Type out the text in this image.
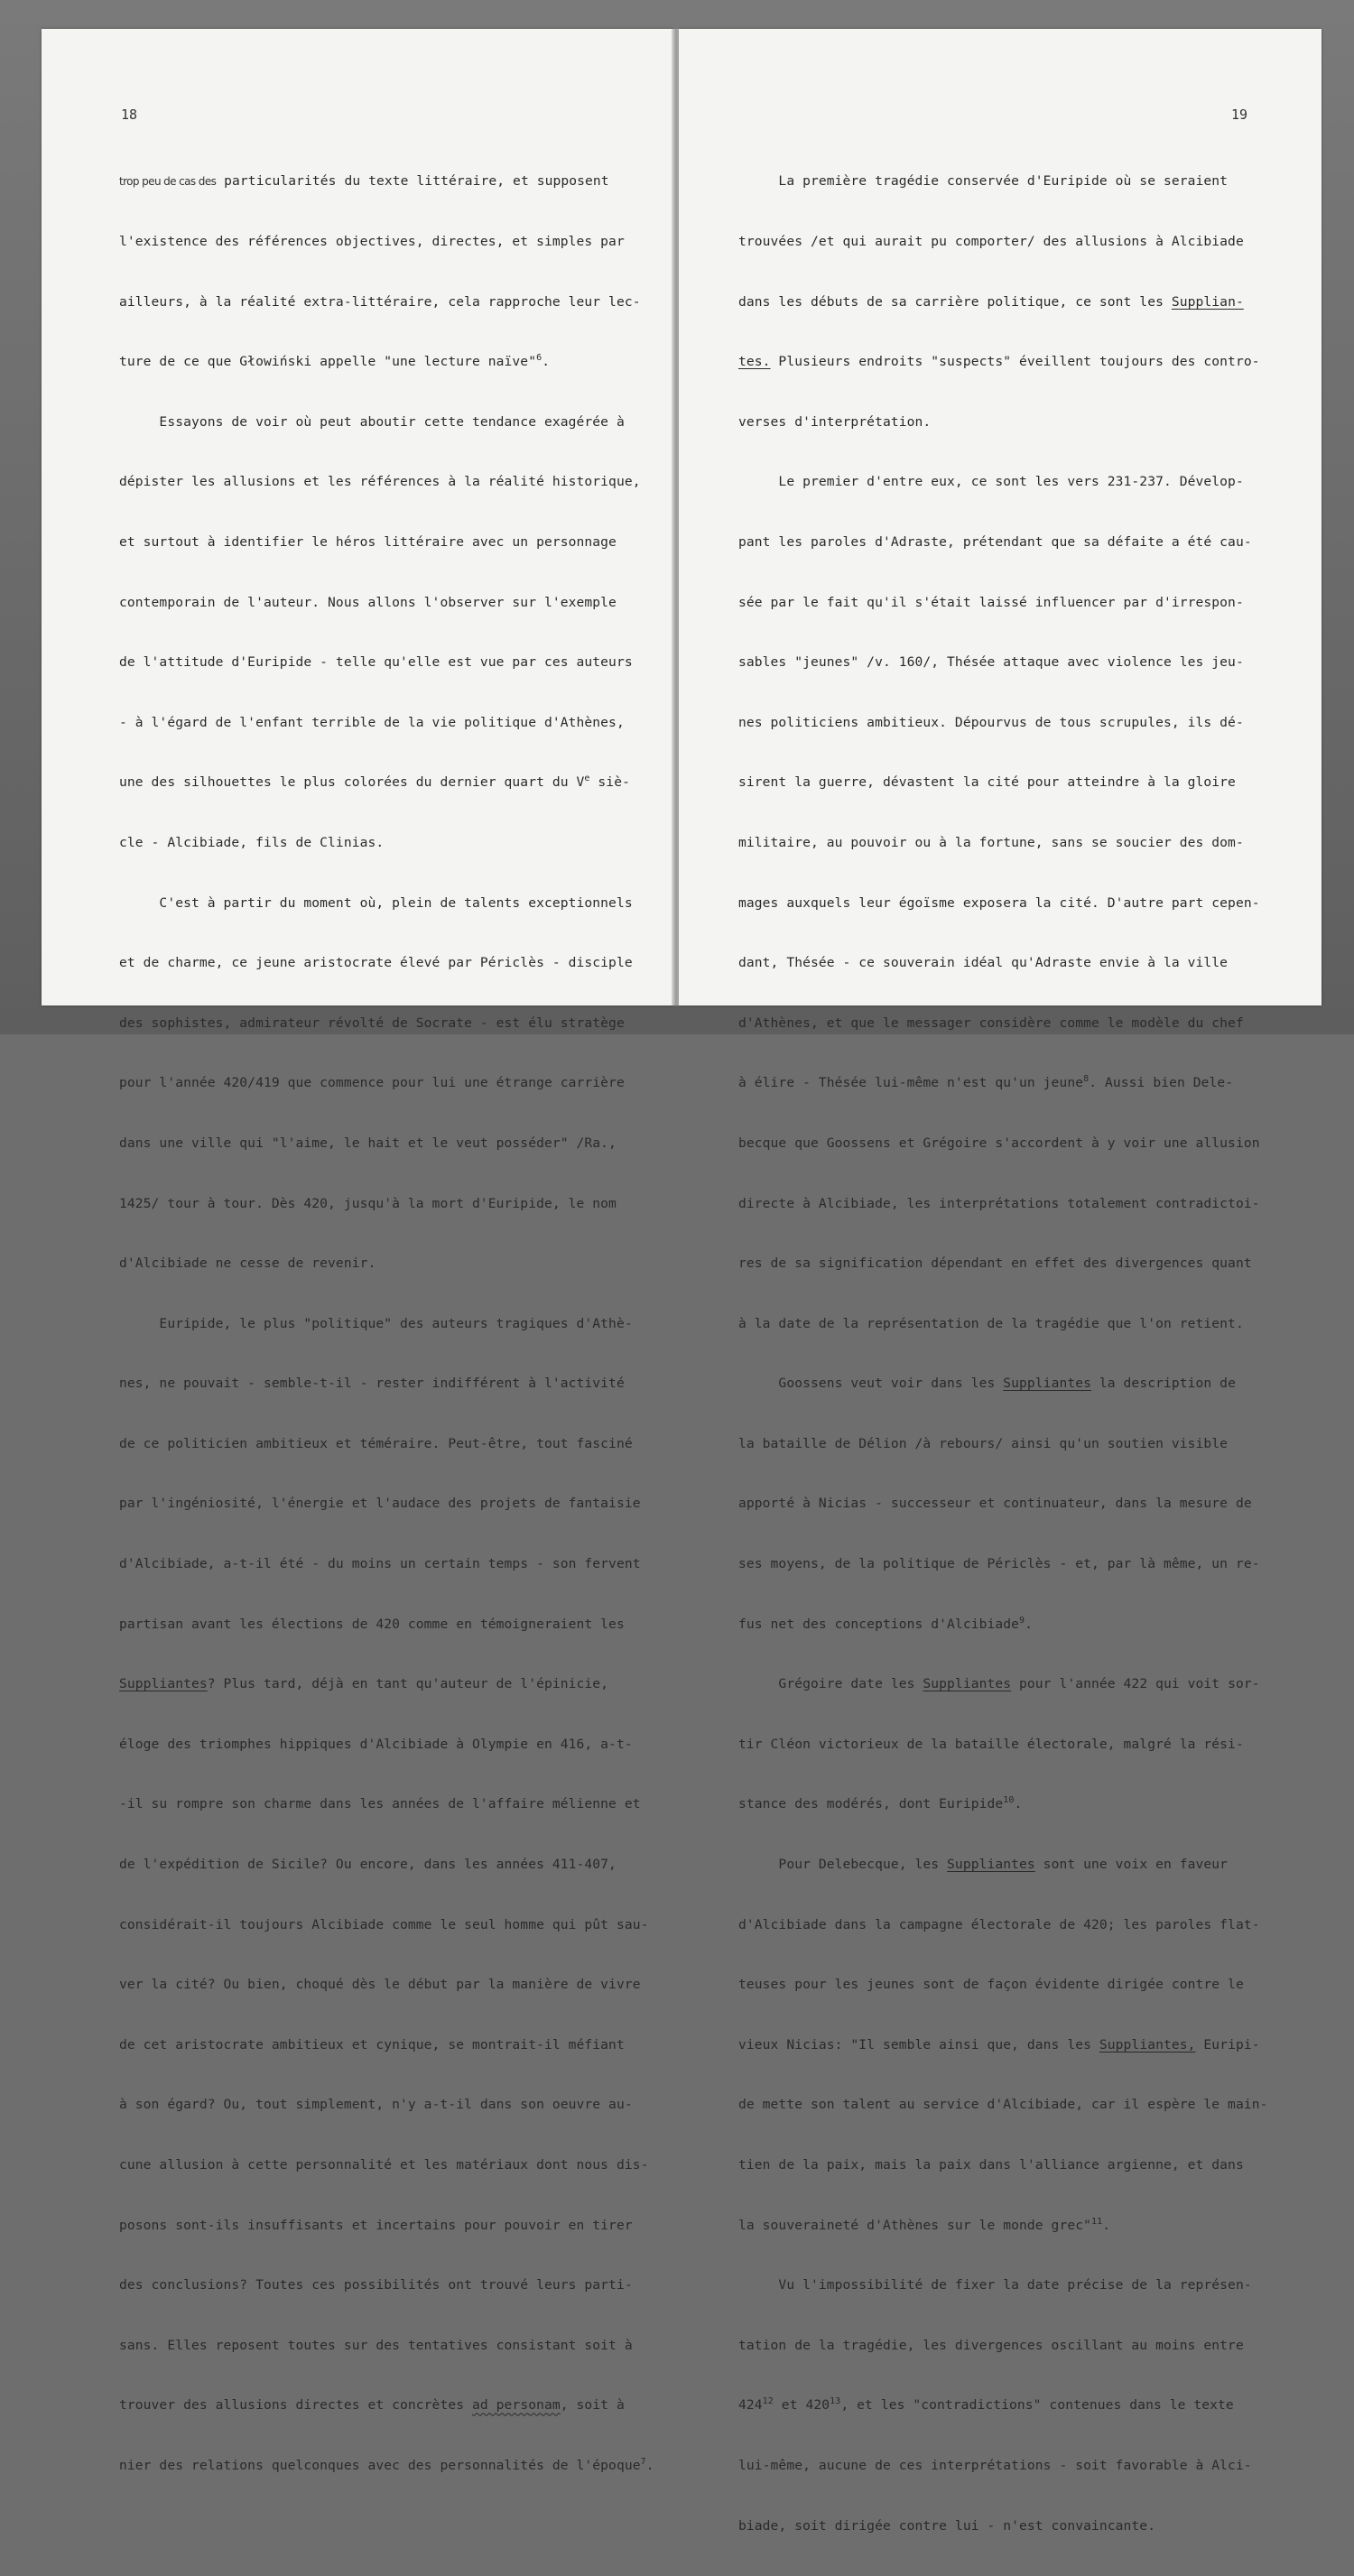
18

trop peu de cas des particularités du texte littéraire, et supposent

l'existence des références objectives, directes, et simples par

ailleurs, à la réalité extra-littéraire, cela rapproche leur lec-

ture de ce que Głowiński appelle "une lecture naïve"$^6$.

Essayons de voir où peut aboutir cette tendance exagérée à

dépister les allusions et les références à la réalité historique,

et surtout à identifier le héros littéraire avec un personnage

contemporain de l'auteur. Nous allons l'observer sur l'exemple

de l'attitude d'Euripide - telle qu'elle est vue par ces auteurs

- à l'égard de l'enfant terrible de la vie politique d'Athènes,

une des silhouettes le plus colorées du dernier quart du Ve siè-

cle - Alcibiade, fils de Clinias.

C'est à partir du moment où, plein de talents exceptionnels

et de charme, ce jeune aristocrate élevé par Périclès - disciple

des sophistes, admirateur révolté de Socrate - est élu stratège

pour l'année 420/419 que commence pour lui une étrange carrière

dans une ville qui "l'aime, le hait et le veut posséder" /Ra.,

1425/ tour à tour. Dès 420, jusqu'à la mort d'Euripide, le nom

d'Alcibiade ne cesse de revenir.

Euripide, le plus "politique" des auteurs tragiques d'Athè-

nes, ne pouvait - semble-t-il - rester indifférent à l'activité

de ce politicien ambitieux et téméraire. Peut-être, tout fasciné

par l'ingéniosité, l'énergie et l'audace des projets de fantaisie

d'Alcibiade, a-t-il été - du moins un certain temps - son fervent

partisan avant les élections de 420 comme en témoigneraient les

Suppliantes? Plus tard, déjà en tant qu'auteur de l'épinicie,

éloge des triomphes hippiques d'Alcibiade à Olympie en 416, a-t-

-il su rompre son charme dans les années de l'affaire mélienne et

de l'expédition de Sicile? Ou encore, dans les années 411-407,

considérait-il toujours Alcibiade comme le seul homme qui pût sau-

ver la cité? Ou bien, choqué dès le début par la manière de vivre

de cet aristocrate ambitieux et cynique, se montrait-il méfiant

à son égard? Ou, tout simplement, n'y a-t-il dans son oeuvre au-

cune allusion à cette personnalité et les matériaux dont nous dis-

posons sont-ils insuffisants et incertains pour pouvoir en tirer

des conclusions? Toutes ces possibilités ont trouvé leurs parti-

sans. Elles reposent toutes sur des tentatives consistant soit à

trouver des allusions directes et concrètes ad personam, soit à

nier des relations quelconques avec des personnalités de l'époque$^7$.

19

La première tragédie conservée d'Euripide où se seraient

trouvées /et qui aurait pu comporter/ des allusions à Alcibiade

dans les débuts de sa carrière politique, ce sont les Supplian-

tes. Plusieurs endroits "suspects" éveillent toujours des contro-

verses d'interprétation.

Le premier d'entre eux, ce sont les vers 231-237. Dévelop-

pant les paroles d'Adraste, prétendant que sa défaite a été cau-

sée par le fait qu'il s'était laissé influencer par d'irrespon-

sables "jeunes" /v. 160/, Thésée attaque avec violence les jeu-

nes politiciens ambitieux. Dépourvus de tous scrupules, ils dé-

sirent la guerre, dévastent la cité pour atteindre à la gloire

militaire, au pouvoir ou à la fortune, sans se soucier des dom-

mages auxquels leur égoïsme exposera la cité. D'autre part cepen-

dant, Thésée - ce souverain idéal qu'Adraste envie à la ville

d'Athènes, et que le messager considère comme le modèle du chef

à élire - Thésée lui-même n'est qu'un jeune$^8$. Aussi bien Dele-

becque que Goossens et Grégoire s'accordent à y voir une allusion

directe à Alcibiade, les interprétations totalement contradictoi-

res de sa signification dépendant en effet des divergences quant

à la date de la représentation de la tragédie que l'on retient.

Goossens veut voir dans les Suppliantes la description de

la bataille de Délion /à rebours/ ainsi qu'un soutien visible

apporté à Nicias - successeur et continuateur, dans la mesure de

ses moyens, de la politique de Périclès - et, par là même, un re-

fus net des conceptions d'Alcibiade$^9$.

Grégoire date les Suppliantes pour l'année 422 qui voit sor-

tir Cléon victorieux de la bataille électorale, malgré la rési-

stance des modérés, dont Euripide$^{10}$.

Pour Delebecque, les Suppliantes sont une voix en faveur

d'Alcibiade dans la campagne électorale de 420; les paroles flat-

teuses pour les jeunes sont de façon évidente dirigée contre le

vieux Nicias: "Il semble ainsi que, dans les Suppliantes, Euripi-

de mette son talent au service d'Alcibiade, car il espère le main-

tien de la paix, mais la paix dans l'alliance argienne, et dans

la souveraineté d'Athènes sur le monde grec"$^{11}$.

Vu l'impossibilité de fixer la date précise de la représen-

tation de la tragédie, les divergences oscillant au moins entre

$424^{12}$ et $420^{13}$, et les "contradictions" contenues dans le texte

lui-même, aucune de ces interprétations - soit favorable à Alci-

biade, soit dirigée contre lui - n'est convaincante.
